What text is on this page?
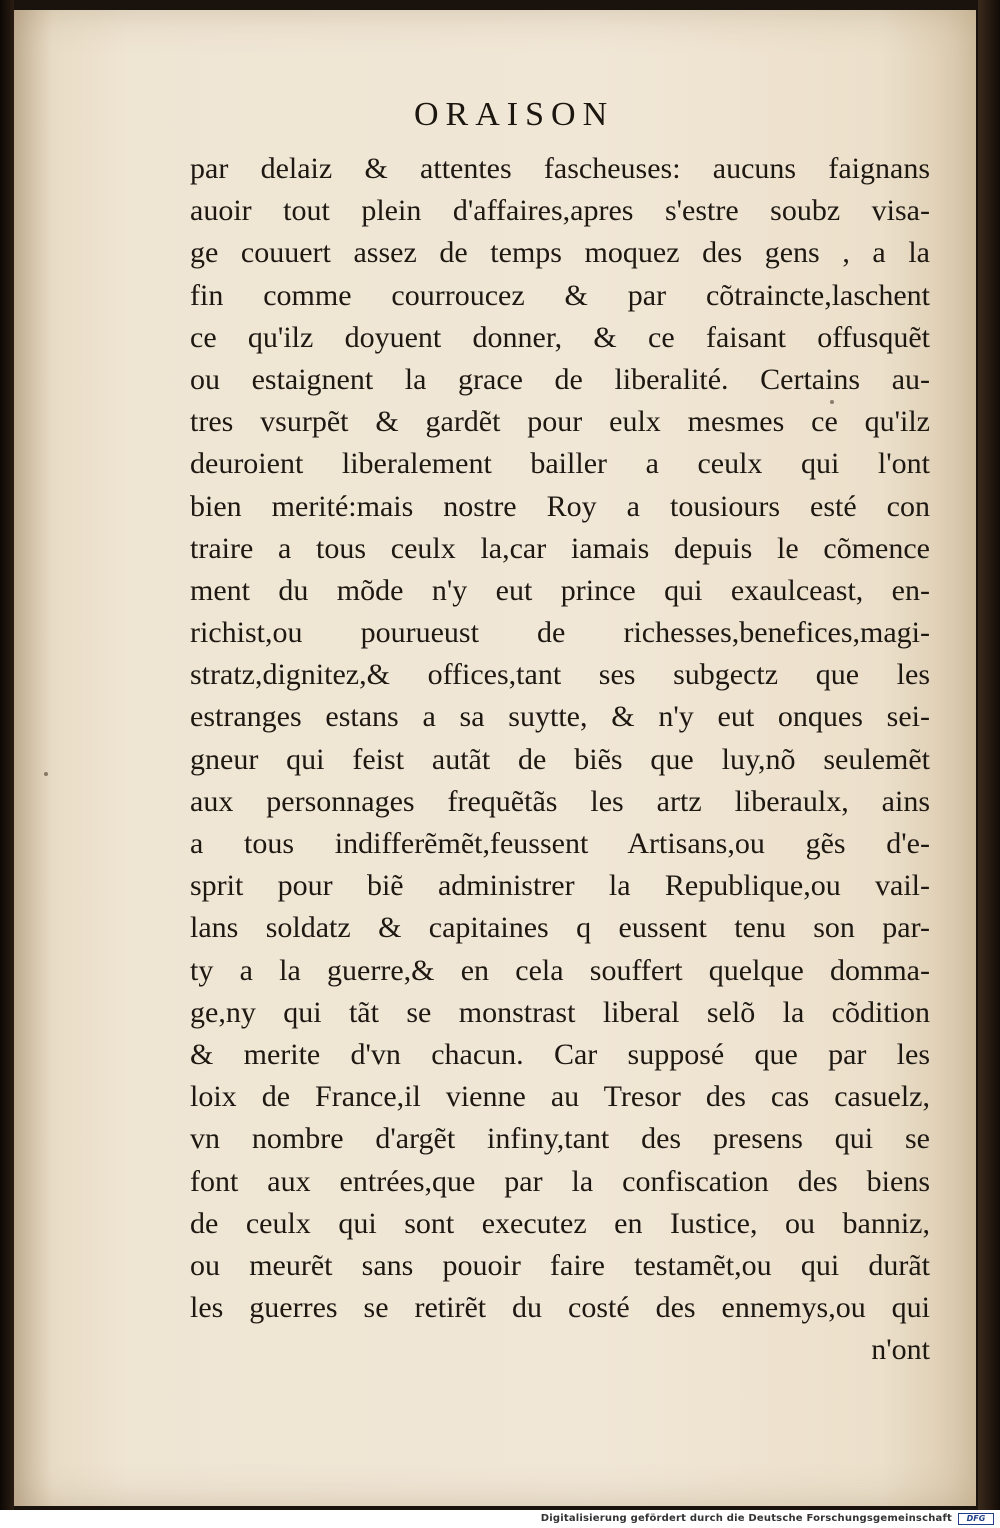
ORAISON
par delaiz & attentes fascheuses: aucuns faignans
auoir tout plein d'affaires,apres s'estre soubz visa-
ge couuert assez de temps moquez des gens , a la
fin comme courroucez & par cõtraincte,laschent
ce qu'ilz doyuent donner, & ce faisant offusquẽt
ou estaignent la grace de liberalité. Certains au-
tres vsurpẽt & gardẽt pour eulx mesmes ce qu'ilz
deuroient liberalement bailler a ceulx qui l'ont
bien merité:mais nostre Roy a tousiours esté con
traire a tous ceulx la,car iamais depuis le cõmence
ment du mõde n'y eut prince qui exaulceast, en-
richist,ou pourueust de richesses,benefices,magi-
stratz,dignitez,& offices,tant ses subgectz que les
estranges estans a sa suytte, & n'y eut onques sei-
gneur qui feist autãt de biẽs que luy,nõ seulemẽt
aux personnages frequẽtãs les artz liberaulx, ains
a tous indifferẽmẽt,feussent Artisans,ou gẽs d'e-
sprit pour biẽ administrer la Republique,ou vail-
lans soldatz & capitaines q eussent tenu son par-
ty a la guerre,& en cela souffert quelque domma-
ge,ny qui tãt se monstrast liberal selõ la cõdition
& merite d'vn chacun. Car supposé que par les
loix de France,il vienne au Tresor des cas casuelz,
vn nombre d'argẽt infiny,tant des presens qui se
font aux entrées,que par la confiscation des biens
de ceulx qui sont executez en Iustice, ou banniz,
ou meurẽt sans pouoir faire testamẽt,ou qui durãt
les guerres se retirẽt du costé des ennemys,ou qui
n'ont
Digitalisierung gefördert durch die Deutsche Forschungsgemeinschaft	DFG
